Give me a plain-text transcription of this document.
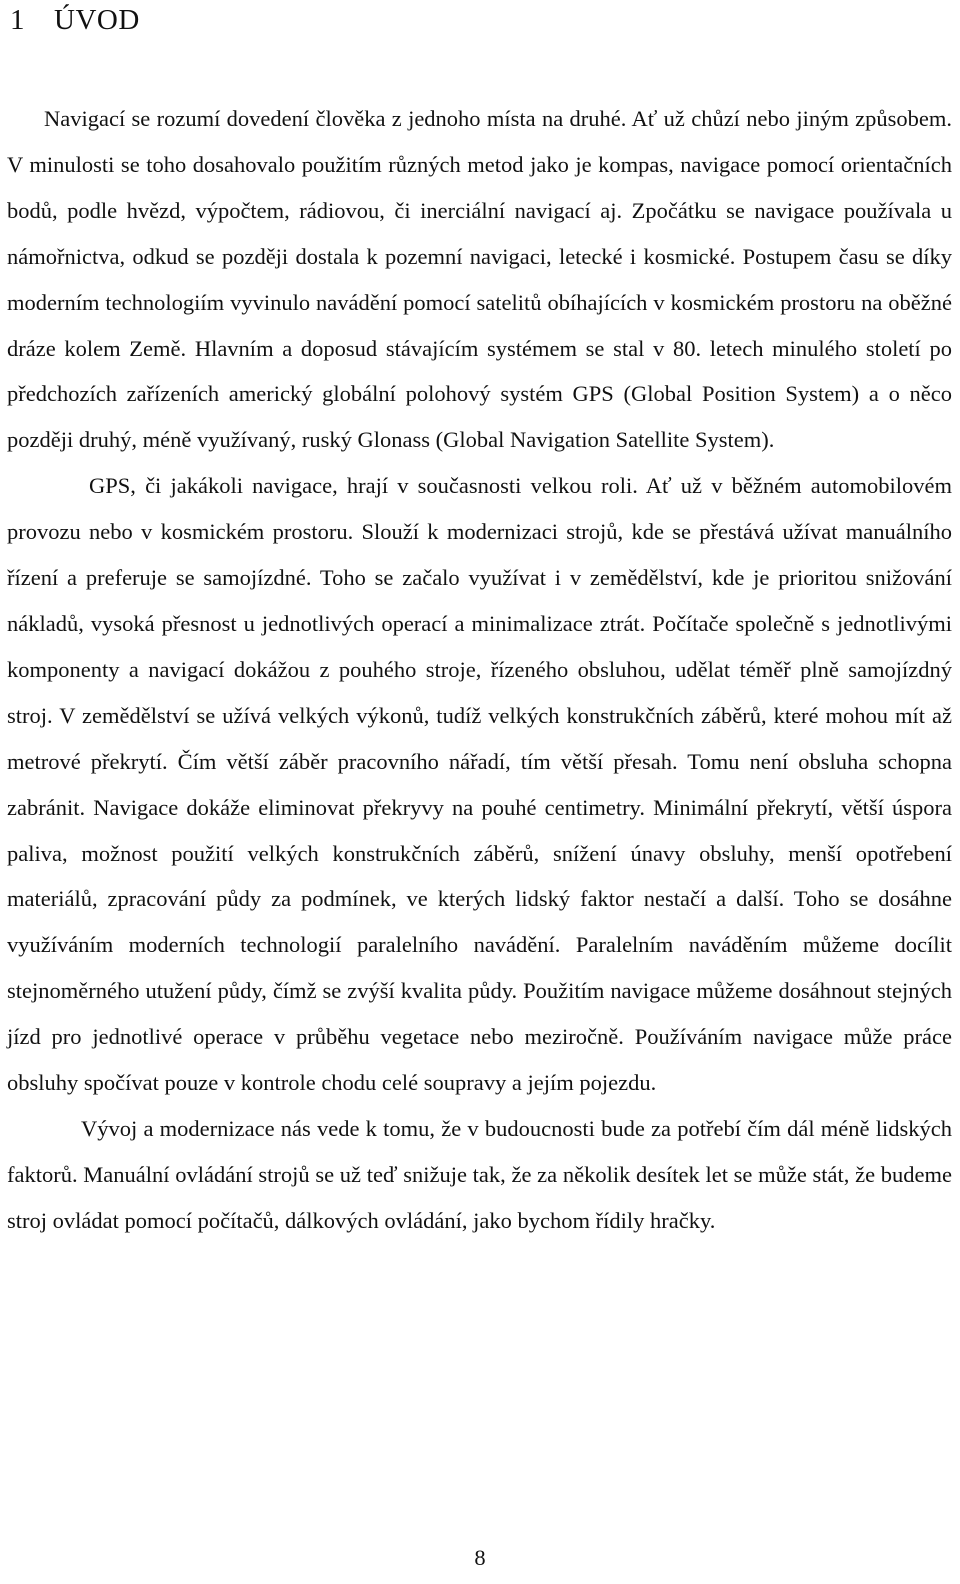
1 ÚVOD

Navigací se rozumí dovedení člověka z jednoho místa na druhé. Ať už chůzí nebo jiným způsobem. V minulosti se toho dosahovalo použitím různých metod jako je kompas, navigace pomocí orientačních bodů, podle hvězd, výpočtem, rádiovou, či inerciální navigací aj. Zpočátku se navigace používala u námořnictva, odkud se později dostala k pozemní navigaci, letecké i kosmické. Postupem času se díky moderním technologiím vyvinulo navádění pomocí satelitů obíhajících v kosmickém prostoru na oběžné dráze kolem Země. Hlavním a doposud stávajícím systémem se stal v 80. letech minulého století po předchozích zařízeních americký globální polohový systém GPS (Global Position System) a o něco později druhý, méně využívaný, ruský Glonass (Global Navigation Satellite System).

GPS, či jakákoli navigace, hrají v současnosti velkou roli. Ať už v běžném automobilovém provozu nebo v kosmickém prostoru. Slouží k modernizaci strojů, kde se přestává užívat manuálního řízení a preferuje se samojízdné. Toho se začalo využívat i v zemědělství, kde je prioritou snižování nákladů, vysoká přesnost u jednotlivých operací a minimalizace ztrát. Počítače společně s jednotlivými komponenty a navigací dokážou z pouhého stroje, řízeného obsluhou, udělat téměř plně samojízdný stroj. V zemědělství se užívá velkých výkonů, tudíž velkých konstrukčních záběrů, které mohou mít až metrové překrytí. Čím větší záběr pracovního nářadí, tím větší přesah. Tomu není obsluha schopna zabránit. Navigace dokáže eliminovat překryvy na pouhé centimetry. Minimální překrytí, větší úspora paliva, možnost použití velkých konstrukčních záběrů, snížení únavy obsluhy, menší opotřebení materiálů, zpracování půdy za podmínek, ve kterých lidský faktor nestačí a další. Toho se dosáhne využíváním moderních technologií paralelního navádění. Paralelním naváděním můžeme docílit stejnoměrného utužení půdy, čímž se zvýší kvalita půdy. Použitím navigace můžeme dosáhnout stejných jízd pro jednotlivé operace v průběhu vegetace nebo meziročně. Používáním navigace může práce obsluhy spočívat pouze v kontrole chodu celé soupravy a jejím pojezdu.

Vývoj a modernizace nás vede k tomu, že v budoucnosti bude za potřebí čím dál méně lidských faktorů. Manuální ovládání strojů se už teď snižuje tak, že za několik desítek let se může stát, že budeme stroj ovládat pomocí počítačů, dálkových ovládání, jako bychom řídily hračky.

8
